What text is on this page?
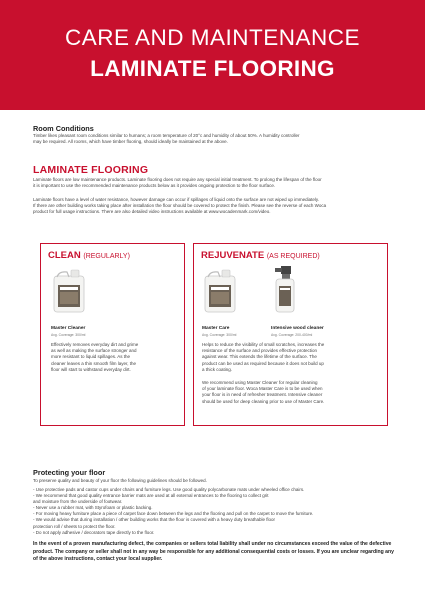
CARE AND MAINTENANCE
LAMINATE FLOORING
Room Conditions
Timber likes pleasant room conditions similar to humans; a room temperature of 20°c and humidity of about 50%. A humidity controller
may be required. All rooms, which have timber flooring, should ideally be maintained at the above.
LAMINATE FLOORING
Laminate floors are low maintenance products. Laminate flooring does not require any special initial treatment. To prolong the lifespan of the floor
it is important to use the recommended maintenance products below as it provides ongoing protection to the floor surface.
Laminate floors have a level of water resistance, however damage can occur if spillages of liquid onto the surface are not wiped up immediately.
If there are other building works taking place after installation the floor should be covered to protect the finish. Please see the reverse of each Woca
product for full usage instructions. There are also detailed video instructions available at www.wocadenmark.com/video.
CLEAN (REGULARLY)
Master Cleaner
Avg. Coverage: 300/ml
Effectively removes everyday dirt and grime
as well as making the surface stronger and
more resistant to liquid spillages. As the
cleaner leaves a thin smooth film layer, the
floor will start to withstand everyday dirt.
REJUVENATE (AS REQUIRED)
Master Care
Avg. Coverage: 300/ml
Intensive wood cleaner
Avg. Coverage: 200-400/ml
Helps to reduce the visibility of small scratches, increases the
resistance of the surface and provides effective protection
against wear. This extends the lifetime of the surface. The
product can be used as required because it does not build up
a thick coating.
We recommend using Master Cleaner for regular cleaning
of your laminate floor. Woca Master Care is to be used when
your floor is in need of refresher treatment. Intensive cleaner
should be used for deep cleaning prior to use of Master Care.
Protecting your floor
To preserve quality and beauty of your floor the following guidelines should be followed.
- Use protective pads and castor cups under chairs and furniture legs. Use good quality polycarbonate mats under wheeled office chairs.
- We recommend that good quality entrance barrier mats are used at all external entrances to the flooring to collect grit
and moisture from the underside of footwear.
- Never use a rubber mat, with Styrofoam or plastic backing.
- For moving heavy furniture place a piece of carpet face down between the legs and the flooring and pull on the carpet to move the furniture.
- We would advise that during installation / other building works that the floor is covered with a heavy duty breathable floor
protection roll / sheets to protect the floor.
- Do not apply adhesive / decorators tape directly to the floor.
In the event of a proven manufacturing defect, the companies or sellers total liability shall under no circumstances exceed the value of the defective product. The company or seller shall not in any way be responsible for any additional consequential costs or losses. If you are unclear regarding any of the above instructions, contact your local supplier.
